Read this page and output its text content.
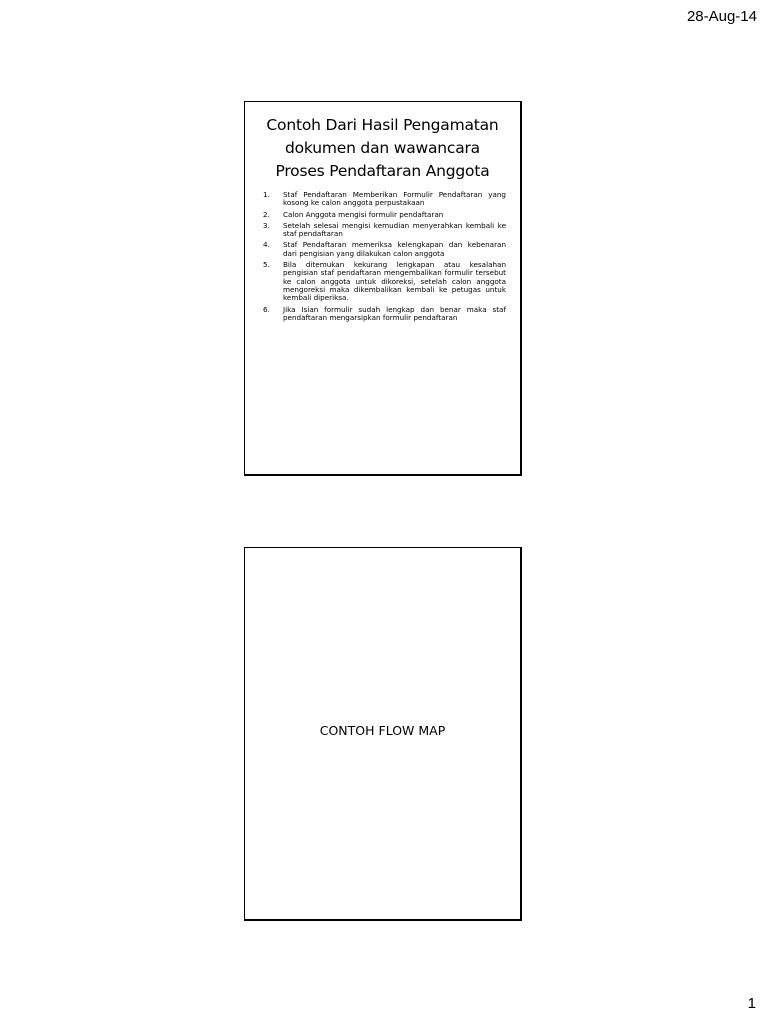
28-Aug-14
Contoh Dari Hasil Pengamatan dokumen dan wawancara Proses Pendaftaran Anggota
1.	Staf Pendaftaran Memberikan Formulir Pendaftaran yang kosong ke calon anggota perpustakaan
2.	Calon Anggota mengisi formulir pendaftaran
3.	Setelah selesai mengisi kemudian menyerahkan kembali ke staf pendaftaran
4.	Staf Pendaftaran memeriksa kelengkapan dan kebenaran dari pengisian yang dilakukan calon anggota
5.	Bila ditemukan kekurang lengkapan atau kesalahan pengisian staf pendaftaran mengembalikan formulir tersebut ke calon anggota untuk dikoreksi, setelah calon anggota mengoreksi maka dikembalikan kembali ke petugas untuk kembali diperiksa.
6.	Jika Isian formulir sudah lengkap dan benar maka staf pendaftaran mengarsipkan formulir pendaftaran
CONTOH FLOW MAP
1
